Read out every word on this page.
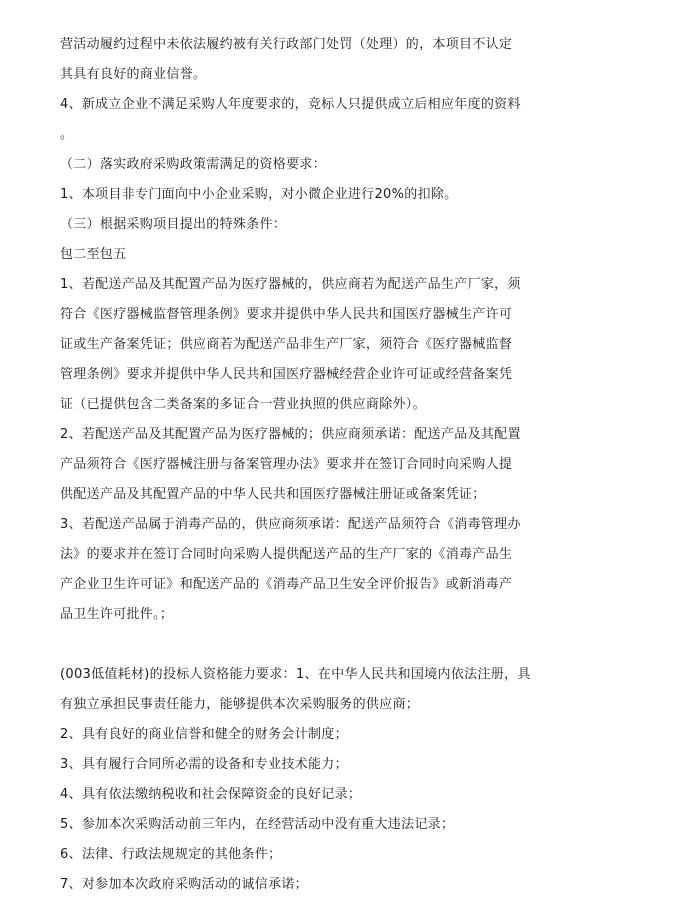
营活动履约过程中未依法履约被有关行政部门处罚（处理）的，本项目不认定
其具有良好的商业信誉。
4、新成立企业不满足采购人年度要求的，竞标人只提供成立后相应年度的资料
。
（二）落实政府采购政策需满足的资格要求：
1、本项目非专门面向中小企业采购，对小微企业进行20%的扣除。
（三）根据采购项目提出的特殊条件：
包二至包五
1、若配送产品及其配置产品为医疗器械的，供应商若为配送产品生产厂家，须
符合《医疗器械监督管理条例》要求并提供中华人民共和国医疗器械生产许可
证或生产备案凭证；供应商若为配送产品非生产厂家，须符合《医疗器械监督
管理条例》要求并提供中华人民共和国医疗器械经营企业许可证或经营备案凭
证（已提供包含二类备案的多证合一营业执照的供应商除外）。
2、若配送产品及其配置产品为医疗器械的；供应商须承诺：配送产品及其配置
产品须符合《医疗器械注册与备案管理办法》要求并在签订合同时向采购人提
供配送产品及其配置产品的中华人民共和国医疗器械注册证或备案凭证；
3、若配送产品属于消毒产品的，供应商须承诺：配送产品须符合《消毒管理办
法》的要求并在签订合同时向采购人提供配送产品的生产厂家的《消毒产品生
产企业卫生许可证》和配送产品的《消毒产品卫生安全评价报告》或新消毒产
品卫生许可批件。；
(003低值耗材)的投标人资格能力要求：1、在中华人民共和国境内依法注册，具
有独立承担民事责任能力，能够提供本次采购服务的供应商；
2、具有良好的商业信誉和健全的财务会计制度；
3、具有履行合同所必需的设备和专业技术能力；
4、具有依法缴纳税收和社会保障资金的良好记录；
5、参加本次采购活动前三年内，在经营活动中没有重大违法记录；
6、法律、行政法规规定的其他条件；
7、对参加本次政府采购活动的诚信承诺；
